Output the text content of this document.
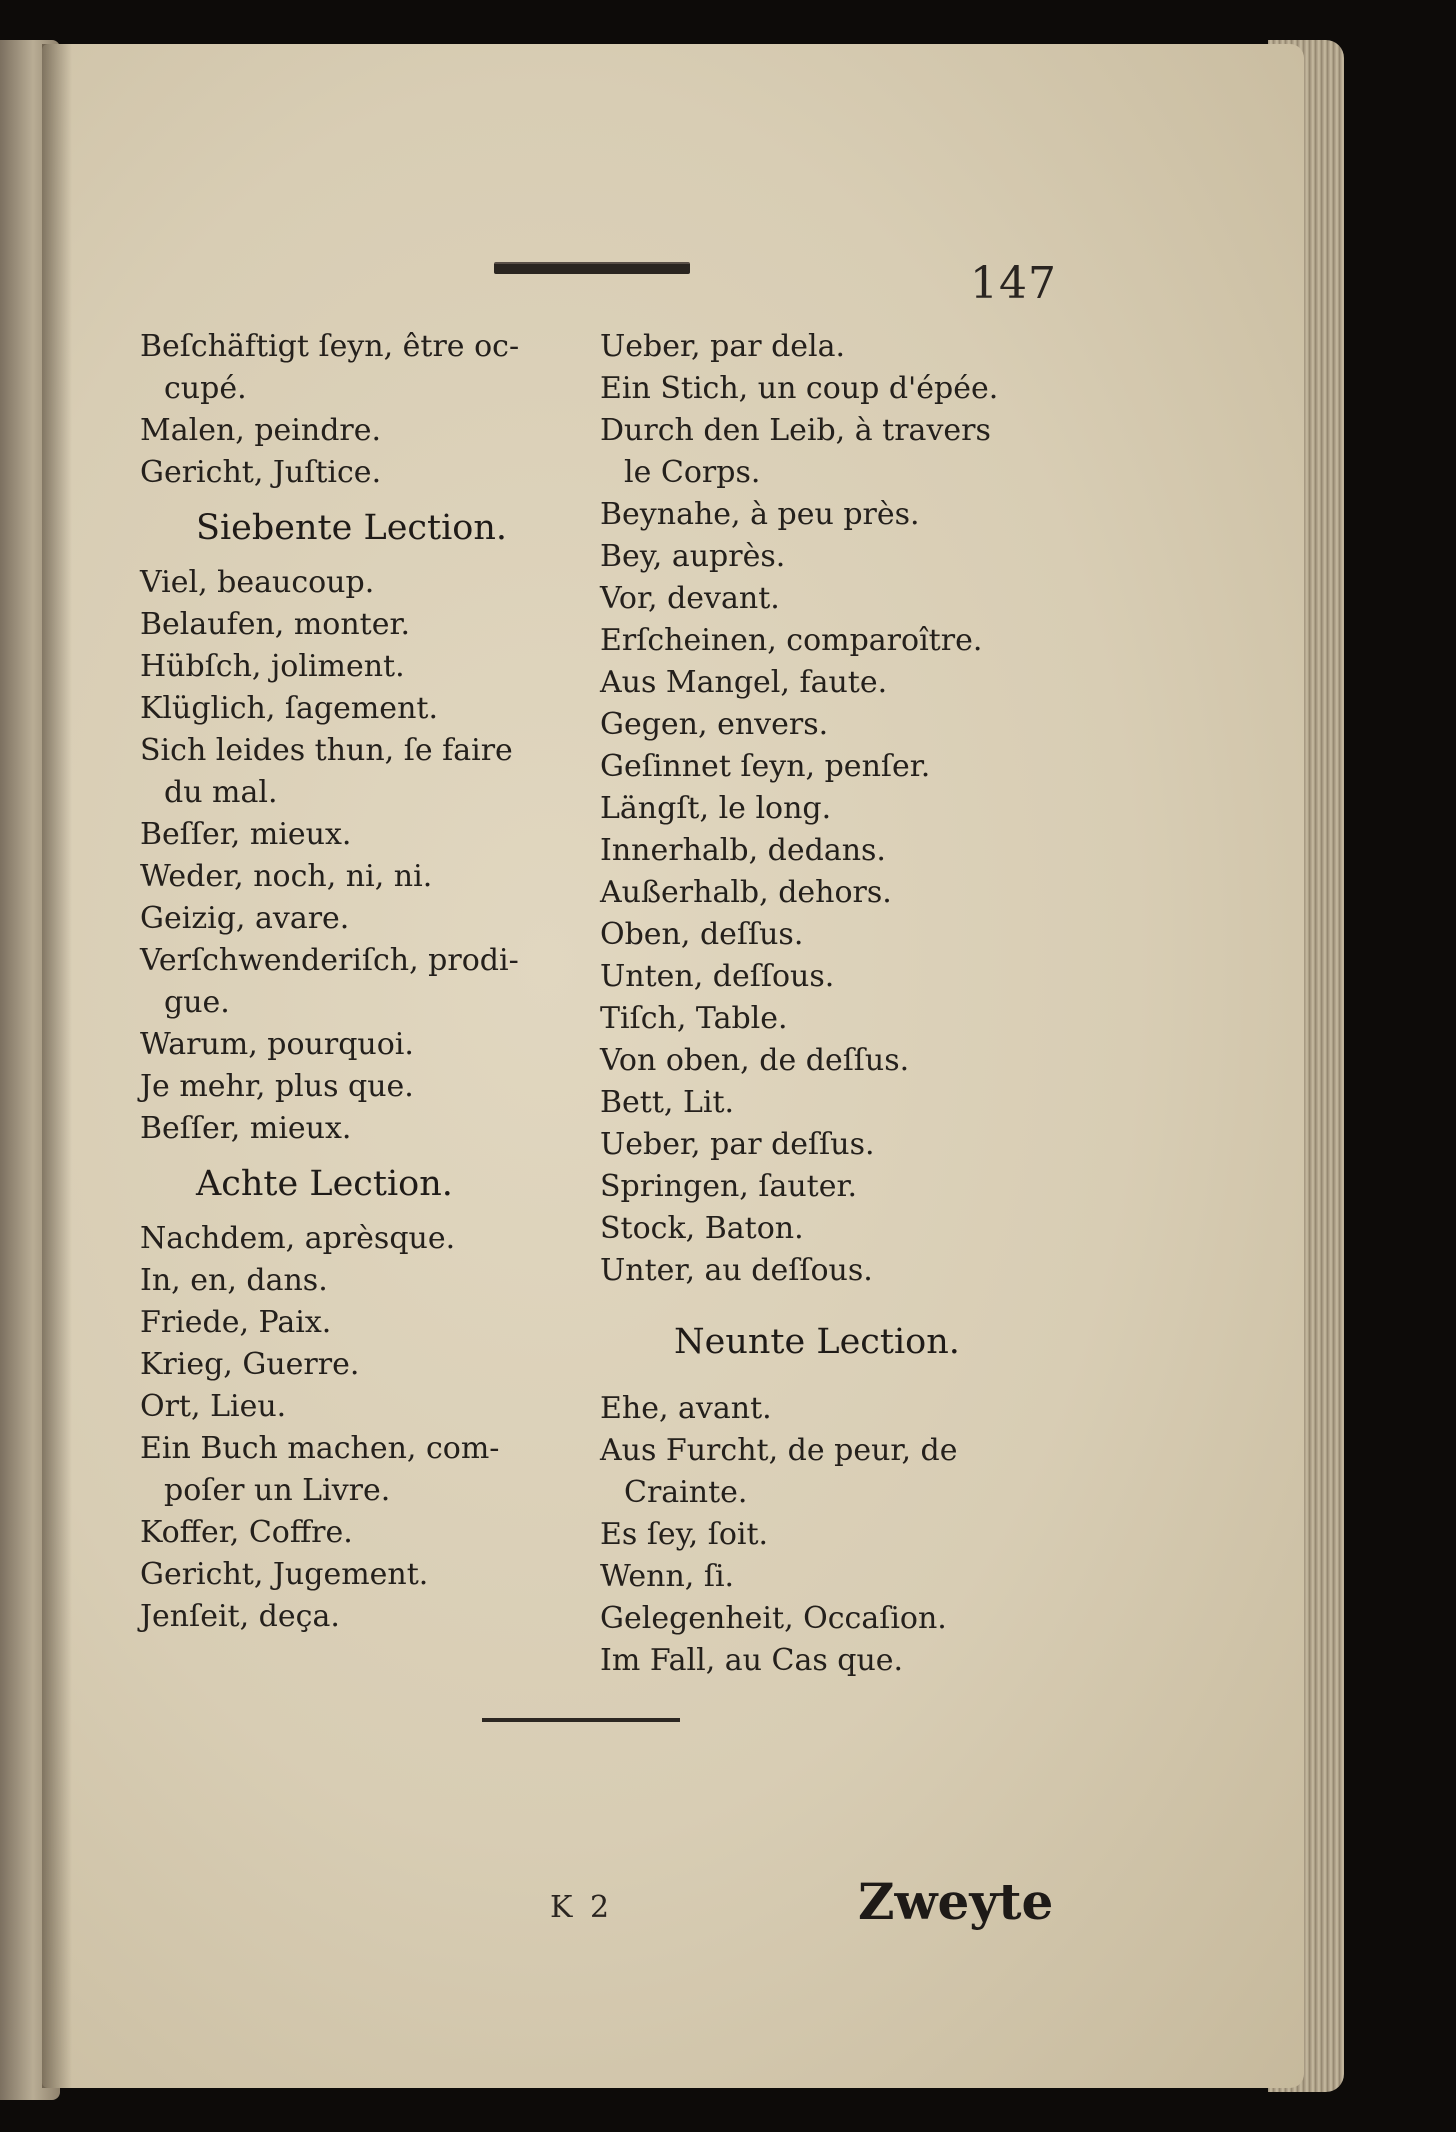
147
Beſchäftigt ſeyn, être oc-
cupé.
Malen, peindre.
Gericht, Juſtice.
Siebente Lection.
Viel, beaucoup.
Belaufen, monter.
Hübſch, joliment.
Klüglich, ſagement.
Sich leides thun, ſe faire
du mal.
Beſſer, mieux.
Weder, noch, ni, ni.
Geizig, avare.
Verſchwenderiſch, prodi-
gue.
Warum, pourquoi.
Je mehr, plus que.
Beſſer, mieux.
Achte Lection.
Nachdem, aprèsque.
In, en, dans.
Friede, Paix.
Krieg, Guerre.
Ort, Lieu.
Ein Buch machen, com-
poſer un Livre.
Koffer, Coffre.
Gericht, Jugement.
Jenſeit, deça.
Ueber, par dela.
Ein Stich, un coup d'épée.
Durch den Leib, à travers
le Corps.
Beynahe, à peu près.
Bey, auprès.
Vor, devant.
Erſcheinen, comparoître.
Aus Mangel, faute.
Gegen, envers.
Geſinnet ſeyn, penſer.
Längſt, le long.
Innerhalb, dedans.
Außerhalb, dehors.
Oben, deſſus.
Unten, deſſous.
Tiſch, Table.
Von oben, de deſſus.
Bett, Lit.
Ueber, par deſſus.
Springen, ſauter.
Stock, Baton.
Unter, au deſſous.
Neunte Lection.
Ehe, avant.
Aus Furcht, de peur, de
Crainte.
Es ſey, ſoit.
Wenn, ſi.
Gelegenheit, Occaſion.
Im Fall, au Cas que.
K 2	Zweyte
